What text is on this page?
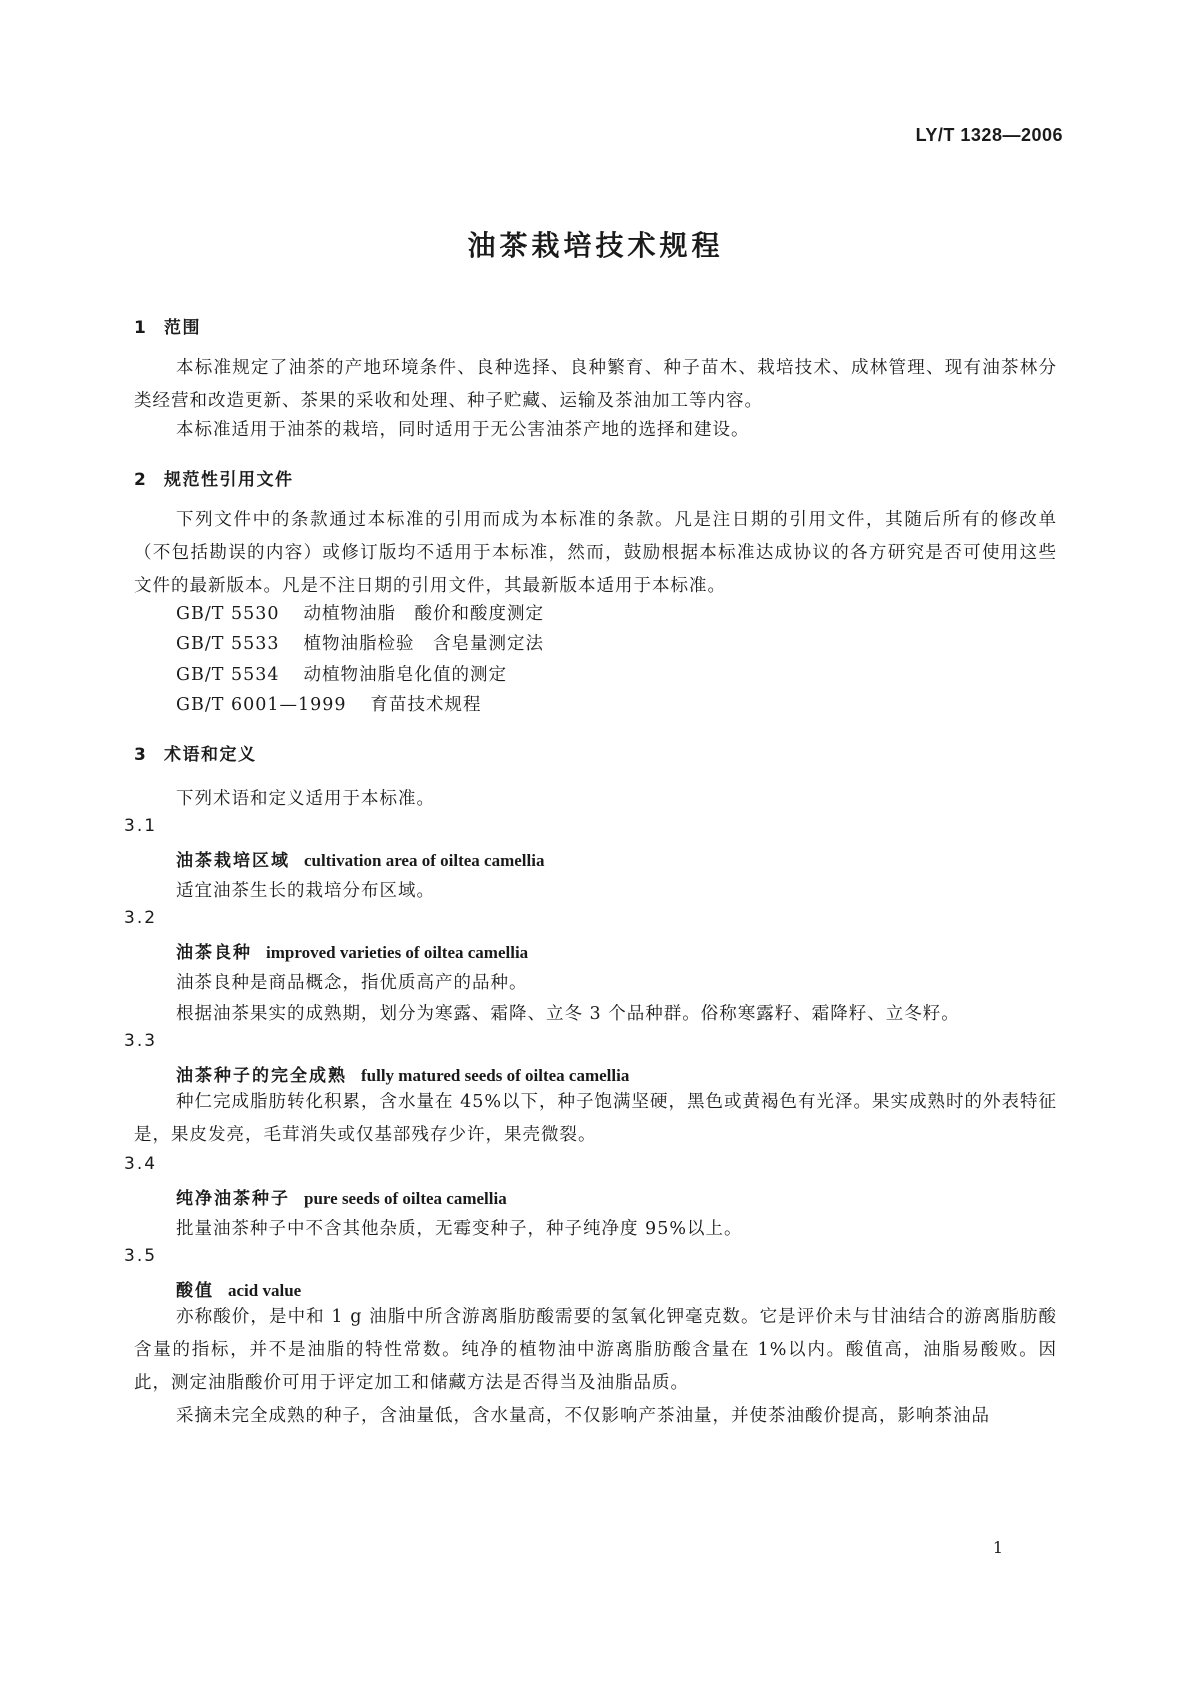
LY/T 1328—2006
油茶栽培技术规程
1 范围
本标准规定了油茶的产地环境条件、良种选择、良种繁育、种子苗木、栽培技术、成林管理、现有油茶林分类经营和改造更新、茶果的采收和处理、种子贮藏、运输及茶油加工等内容。
本标准适用于油茶的栽培，同时适用于无公害油茶产地的选择和建设。
2 规范性引用文件
下列文件中的条款通过本标准的引用而成为本标准的条款。凡是注日期的引用文件，其随后所有的修改单（不包括勘误的内容）或修订版均不适用于本标准，然而，鼓励根据本标准达成协议的各方研究是否可使用这些文件的最新版本。凡是不注日期的引用文件，其最新版本适用于本标准。
GB/T 5530 动植物油脂　酸价和酸度测定
GB/T 5533 植物油脂检验　含皂量测定法
GB/T 5534 动植物油脂皂化值的测定
GB/T 6001—1999 育苗技术规程
3 术语和定义
下列术语和定义适用于本标准。
3.1
油茶栽培区域 cultivation area of oiltea camellia
适宜油茶生长的栽培分布区域。
3.2
油茶良种 improved varieties of oiltea camellia
油茶良种是商品概念，指优质高产的品种。
根据油茶果实的成熟期，划分为寒露、霜降、立冬 3 个品种群。俗称寒露籽、霜降籽、立冬籽。
3.3
油茶种子的完全成熟 fully matured seeds of oiltea camellia
种仁完成脂肪转化积累，含水量在 45%以下，种子饱满坚硬，黑色或黄褐色有光泽。果实成熟时的外表特征是，果皮发亮，毛茸消失或仅基部残存少许，果壳微裂。
3.4
纯净油茶种子 pure seeds of oiltea camellia
批量油茶种子中不含其他杂质，无霉变种子，种子纯净度 95%以上。
3.5
酸值 acid value
亦称酸价，是中和 1 g 油脂中所含游离脂肪酸需要的氢氧化钾毫克数。它是评价未与甘油结合的游离脂肪酸含量的指标，并不是油脂的特性常数。纯净的植物油中游离脂肪酸含量在 1%以内。酸值高，油脂易酸败。因此，测定油脂酸价可用于评定加工和储藏方法是否得当及油脂品质。
采摘未完全成熟的种子，含油量低，含水量高，不仅影响产茶油量，并使茶油酸价提高，影响茶油品
1
